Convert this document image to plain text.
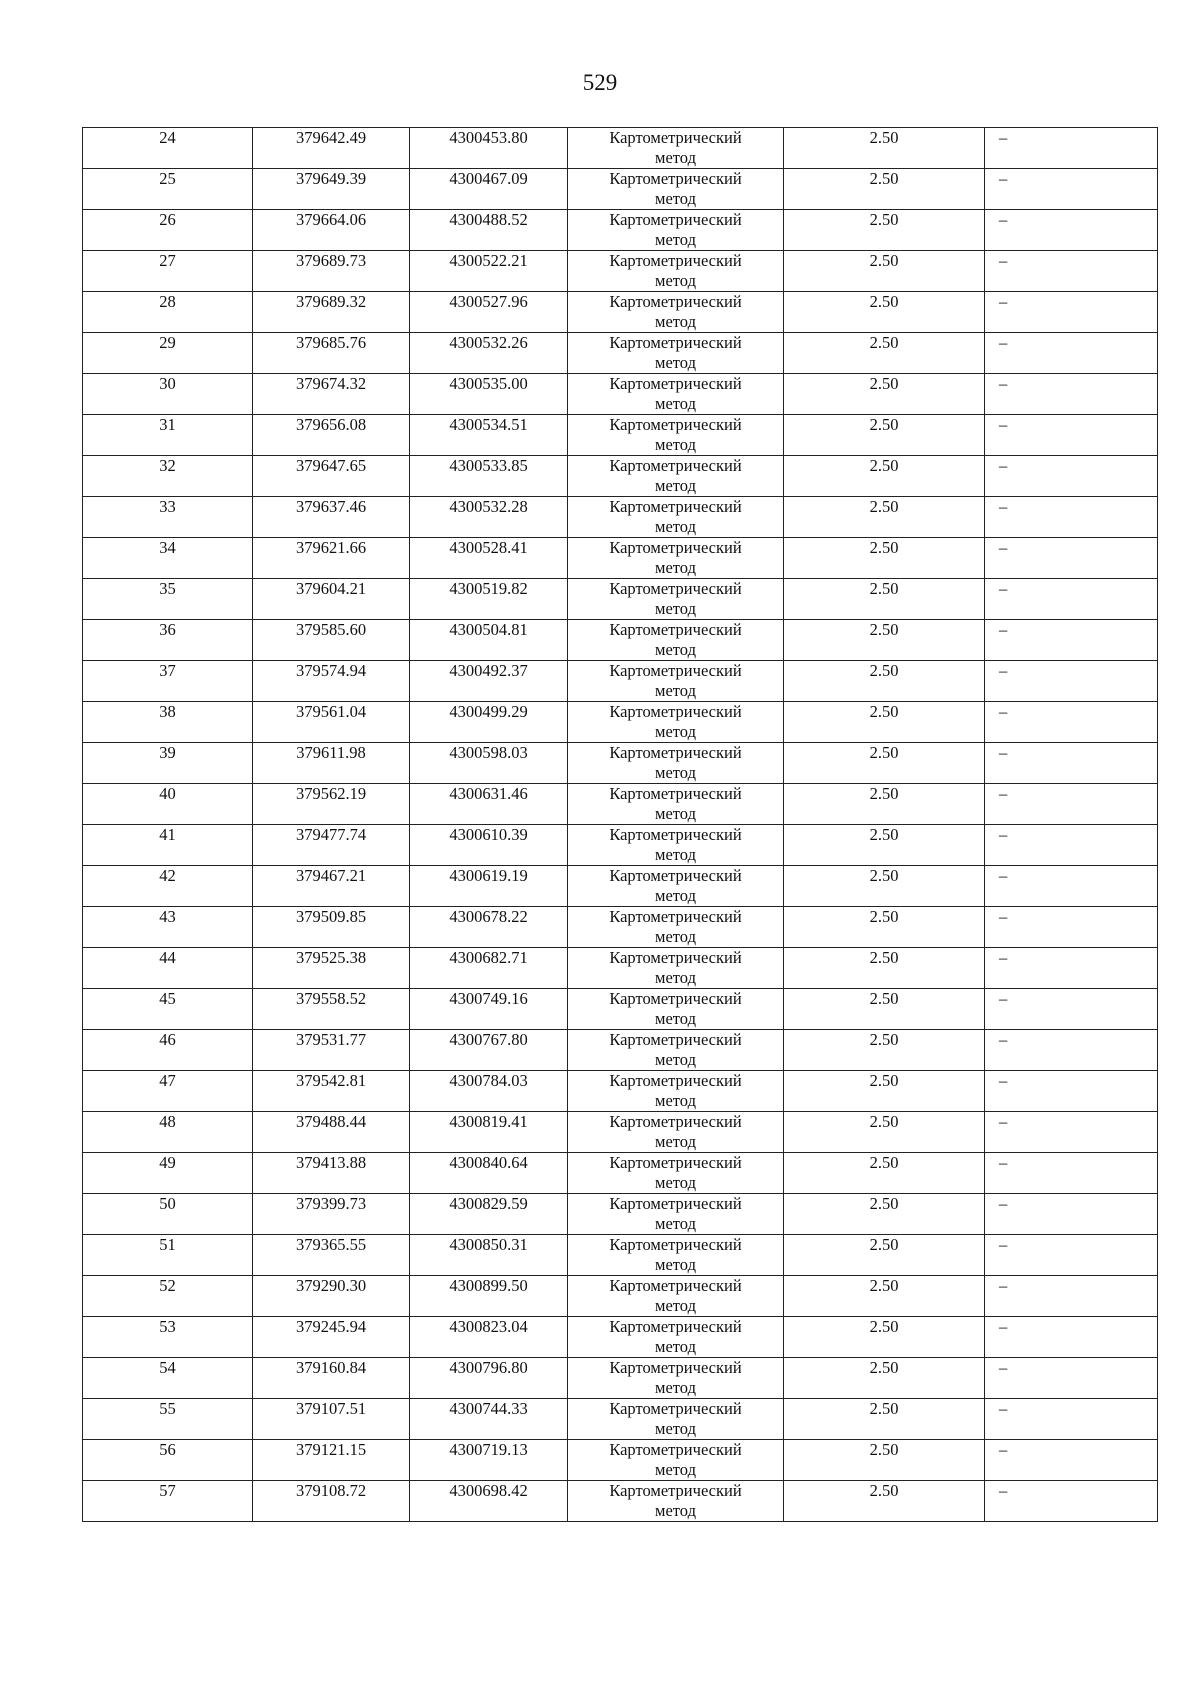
529
24	379642.49	4300453.80	Картометрический
метод	2.50	–
25	379649.39	4300467.09	Картометрический
метод	2.50	–
26	379664.06	4300488.52	Картометрический
метод	2.50	–
27	379689.73	4300522.21	Картометрический
метод	2.50	–
28	379689.32	4300527.96	Картометрический
метод	2.50	–
29	379685.76	4300532.26	Картометрический
метод	2.50	–
30	379674.32	4300535.00	Картометрический
метод	2.50	–
31	379656.08	4300534.51	Картометрический
метод	2.50	–
32	379647.65	4300533.85	Картометрический
метод	2.50	–
33	379637.46	4300532.28	Картометрический
метод	2.50	–
34	379621.66	4300528.41	Картометрический
метод	2.50	–
35	379604.21	4300519.82	Картометрический
метод	2.50	–
36	379585.60	4300504.81	Картометрический
метод	2.50	–
37	379574.94	4300492.37	Картометрический
метод	2.50	–
38	379561.04	4300499.29	Картометрический
метод	2.50	–
39	379611.98	4300598.03	Картометрический
метод	2.50	–
40	379562.19	4300631.46	Картометрический
метод	2.50	–
41	379477.74	4300610.39	Картометрический
метод	2.50	–
42	379467.21	4300619.19	Картометрический
метод	2.50	–
43	379509.85	4300678.22	Картометрический
метод	2.50	–
44	379525.38	4300682.71	Картометрический
метод	2.50	–
45	379558.52	4300749.16	Картометрический
метод	2.50	–
46	379531.77	4300767.80	Картометрический
метод	2.50	–
47	379542.81	4300784.03	Картометрический
метод	2.50	–
48	379488.44	4300819.41	Картометрический
метод	2.50	–
49	379413.88	4300840.64	Картометрический
метод	2.50	–
50	379399.73	4300829.59	Картометрический
метод	2.50	–
51	379365.55	4300850.31	Картометрический
метод	2.50	–
52	379290.30	4300899.50	Картометрический
метод	2.50	–
53	379245.94	4300823.04	Картометрический
метод	2.50	–
54	379160.84	4300796.80	Картометрический
метод	2.50	–
55	379107.51	4300744.33	Картометрический
метод	2.50	–
56	379121.15	4300719.13	Картометрический
метод	2.50	–
57	379108.72	4300698.42	Картометрический
метод	2.50	–
